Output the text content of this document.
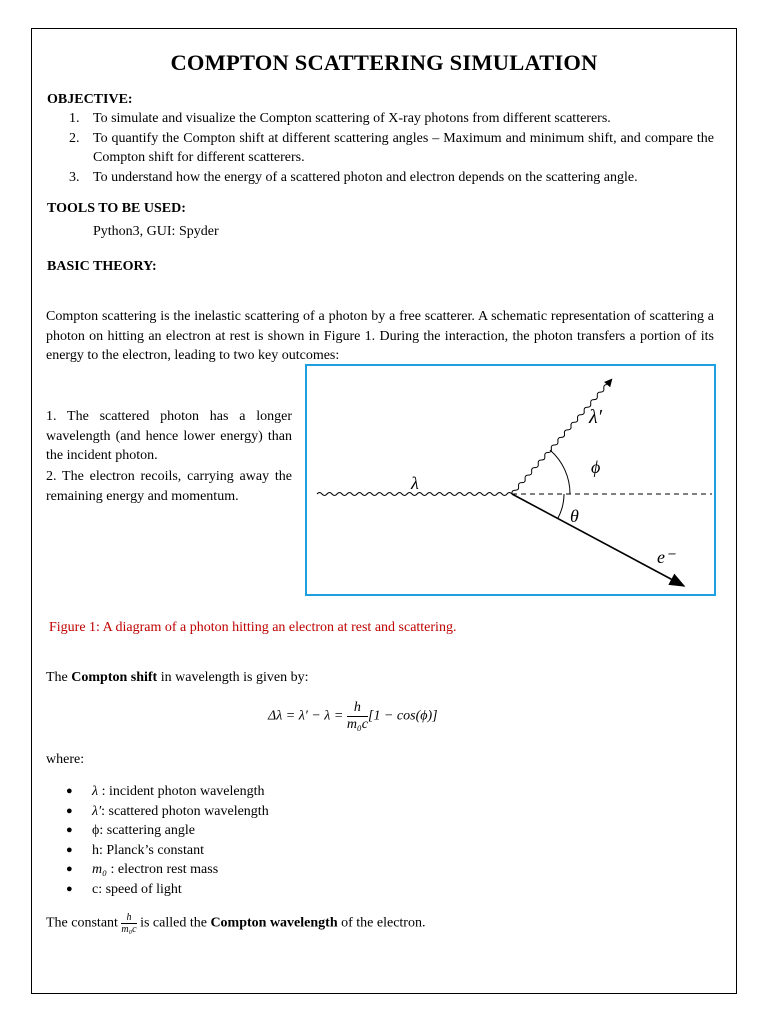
COMPTON SCATTERING SIMULATION
OBJECTIVE:
1. To simulate and visualize the Compton scattering of X-ray photons from different scatterers.
2. To quantify the Compton shift at different scattering angles – Maximum and minimum shift, and compare the Compton shift for different scatterers.
3. To understand how the energy of a scattered photon and electron depends on the scattering angle.
TOOLS TO BE USED:
Python3, GUI: Spyder
BASIC THEORY:
Compton scattering is the inelastic scattering of a photon by a free scatterer. A schematic representation of scattering a photon on hitting an electron at rest is shown in Figure 1. During the interaction, the photon transfers a portion of its energy to the electron, leading to two key outcomes:
1. The scattered photon has a longer wavelength (and hence lower energy) than the incident photon.
2. The electron recoils, carrying away the remaining energy and momentum.
λ
λ′
ϕ
θ
e⁻
Figure 1: A diagram of a photon hitting an electron at rest and scattering.
The Compton shift in wavelength is given by:
$\Delta\lambda = \lambda' - \lambda = \frac{h}{\text{m₀c}} [1 - \cos(\phi)]$
where:
● λ : incident photon wavelength
● λ′: scattered photon wavelength
● ϕ: scattering angle
● h: Planck’s constant
● m₀ : electron rest mass
● c: speed of light
The constant $\frac{h}{\text{m₀c}}$ is called the Compton wavelength of the electron.
